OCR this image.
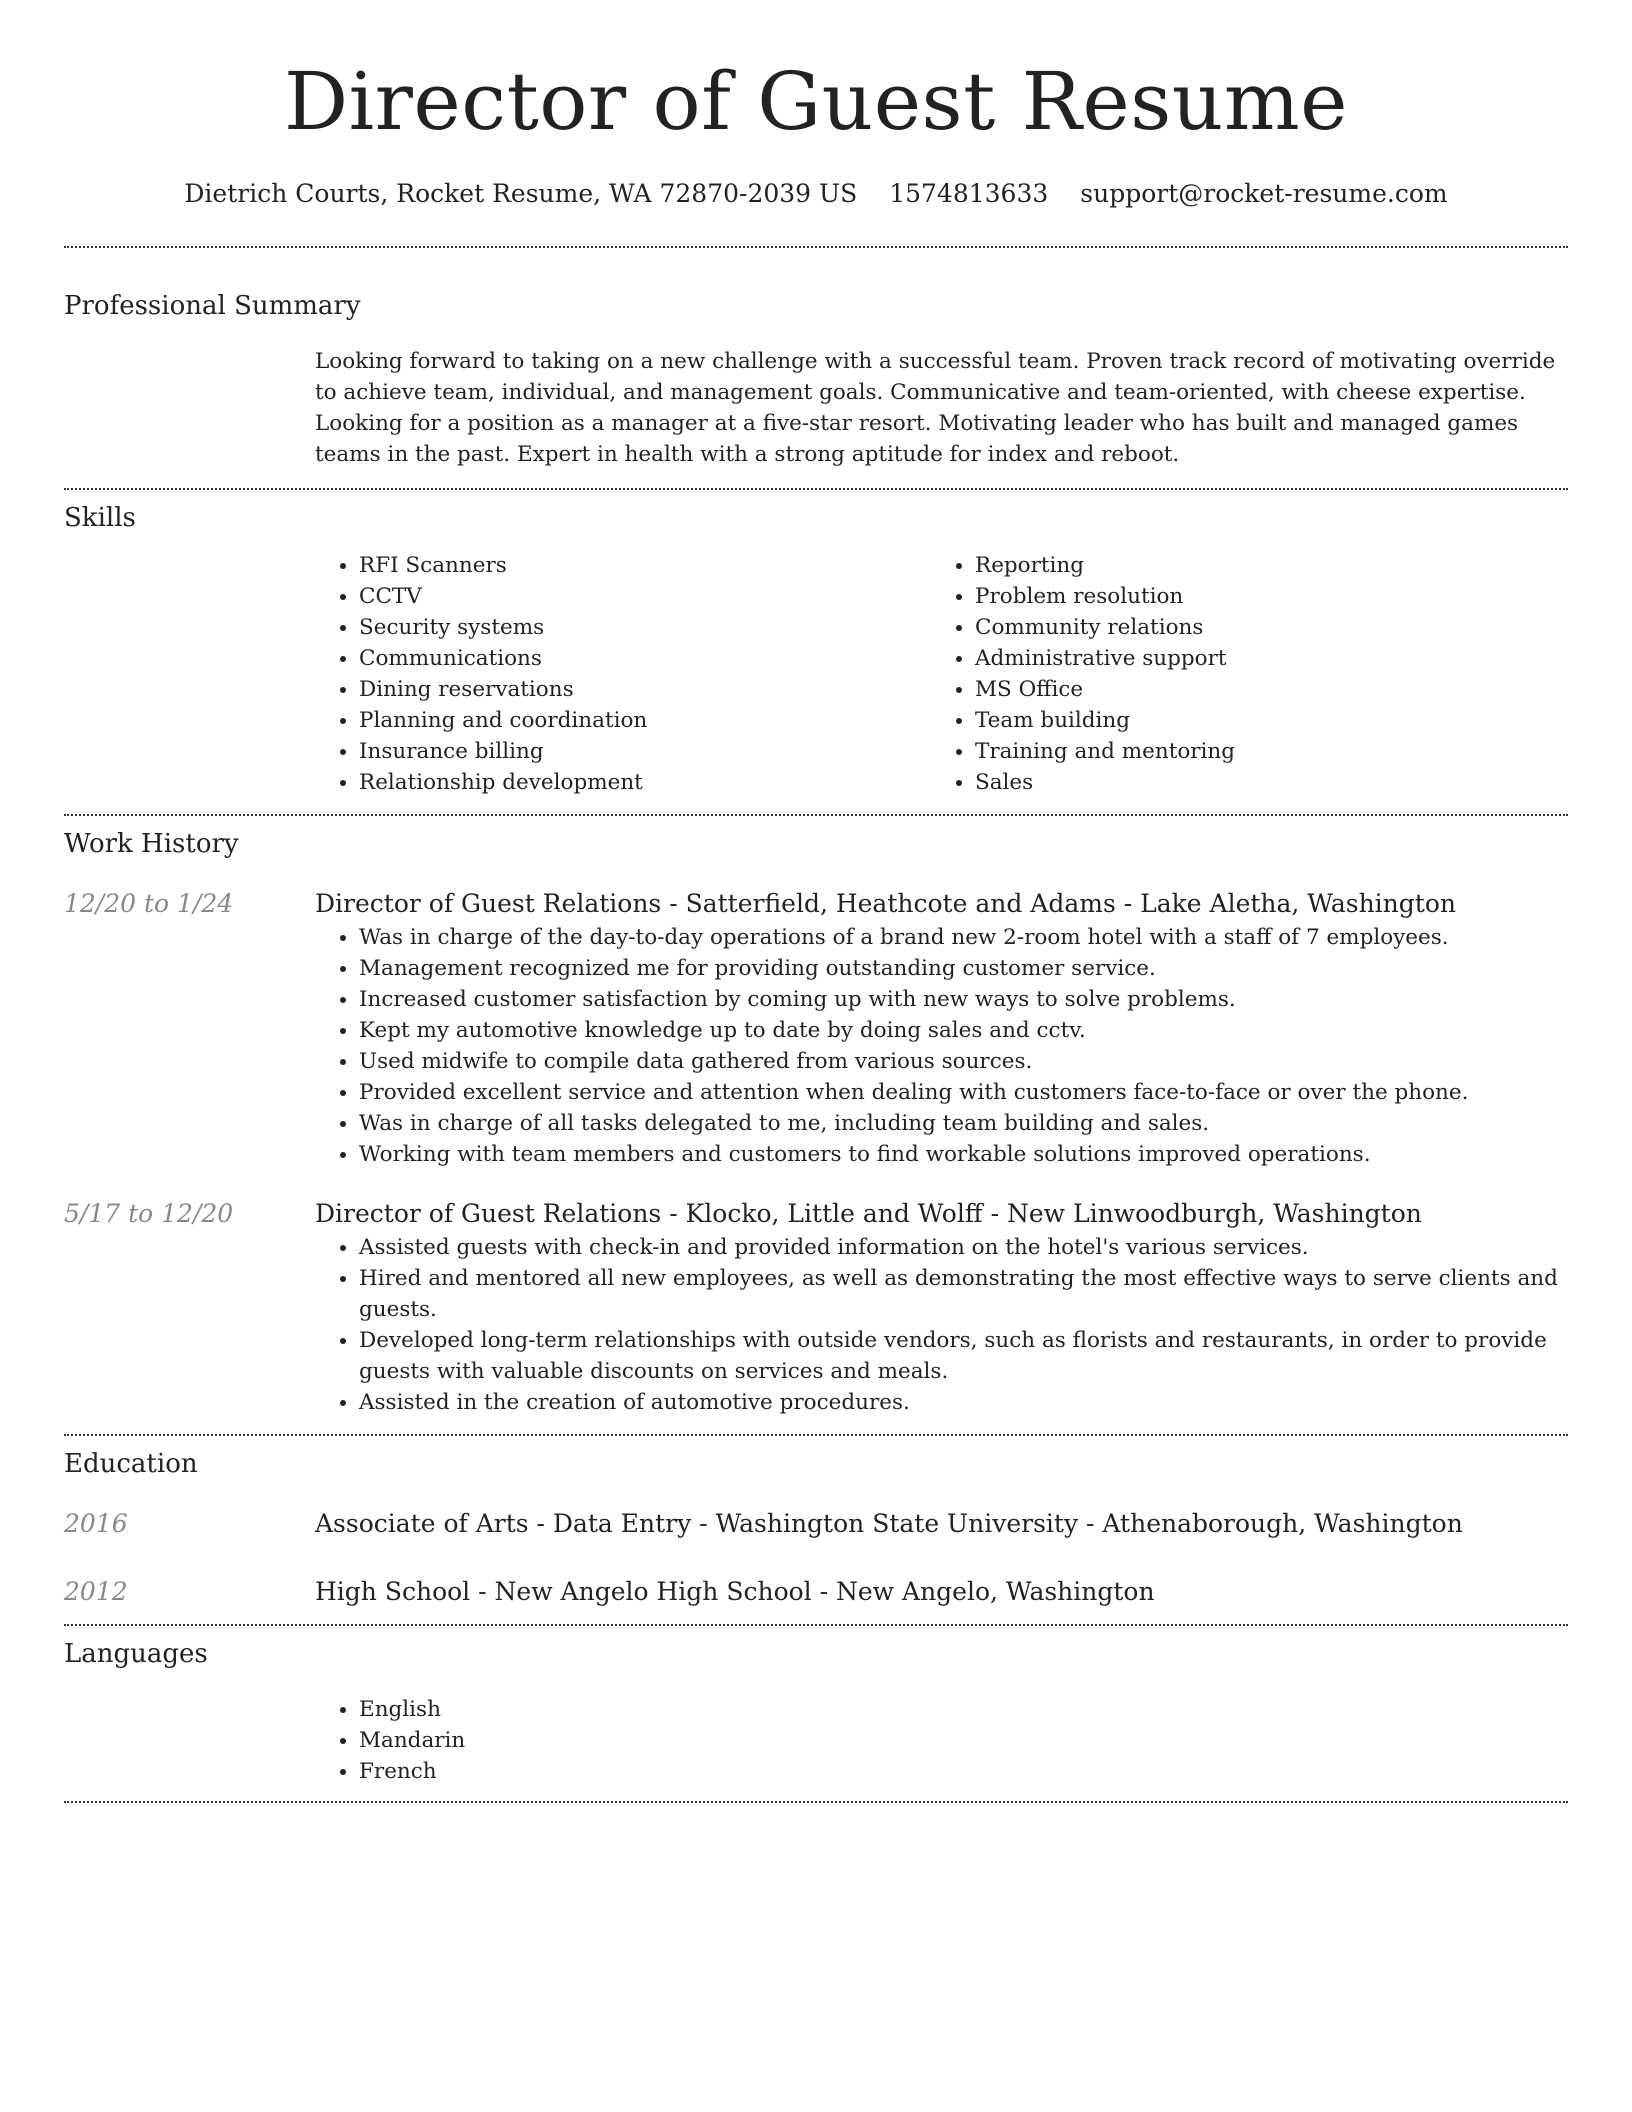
Director of Guest Resume
Dietrich Courts, Rocket Resume, WA 72870-2039 US 1574813633 support@rocket-resume.com
Professional Summary

Looking forward to taking on a new challenge with a successful team. Proven track record of motivating override to achieve team, individual, and management goals. Communicative and team-oriented, with cheese expertise. Looking for a position as a manager at a five-star resort. Motivating leader who has built and managed games teams in the past. Expert in health with a strong aptitude for index and reboot.

Skills
• RFI Scanners
• CCTV
• Security systems
• Communications
• Dining reservations
• Planning and coordination
• Insurance billing
• Relationship development
• Reporting
• Problem resolution
• Community relations
• Administrative support
• MS Office
• Team building
• Training and mentoring
• Sales
Work History
12/20 to 1/24	Director of Guest Relations - Satterfield, Heathcote and Adams - Lake Aletha, Washington
• Was in charge of the day-to-day operations of a brand new 2-room hotel with a staff of 7 employees.
• Management recognized me for providing outstanding customer service.
• Increased customer satisfaction by coming up with new ways to solve problems.
• Kept my automotive knowledge up to date by doing sales and cctv.
• Used midwife to compile data gathered from various sources.
• Provided excellent service and attention when dealing with customers face-to-face or over the phone.
• Was in charge of all tasks delegated to me, including team building and sales.
• Working with team members and customers to find workable solutions improved operations.
5/17 to 12/20	Director of Guest Relations - Klocko, Little and Wolff - New Linwoodburgh, Washington
• Assisted guests with check-in and provided information on the hotel's various services.
• Hired and mentored all new employees, as well as demonstrating the most effective ways to serve clients and guests.
• Developed long-term relationships with outside vendors, such as florists and restaurants, in order to provide guests with valuable discounts on services and meals.
• Assisted in the creation of automotive procedures.
Education
2016	Associate of Arts - Data Entry - Washington State University - Athenaborough, Washington
2012	High School - New Angelo High School - New Angelo, Washington
Languages
• English
• Mandarin
• French
